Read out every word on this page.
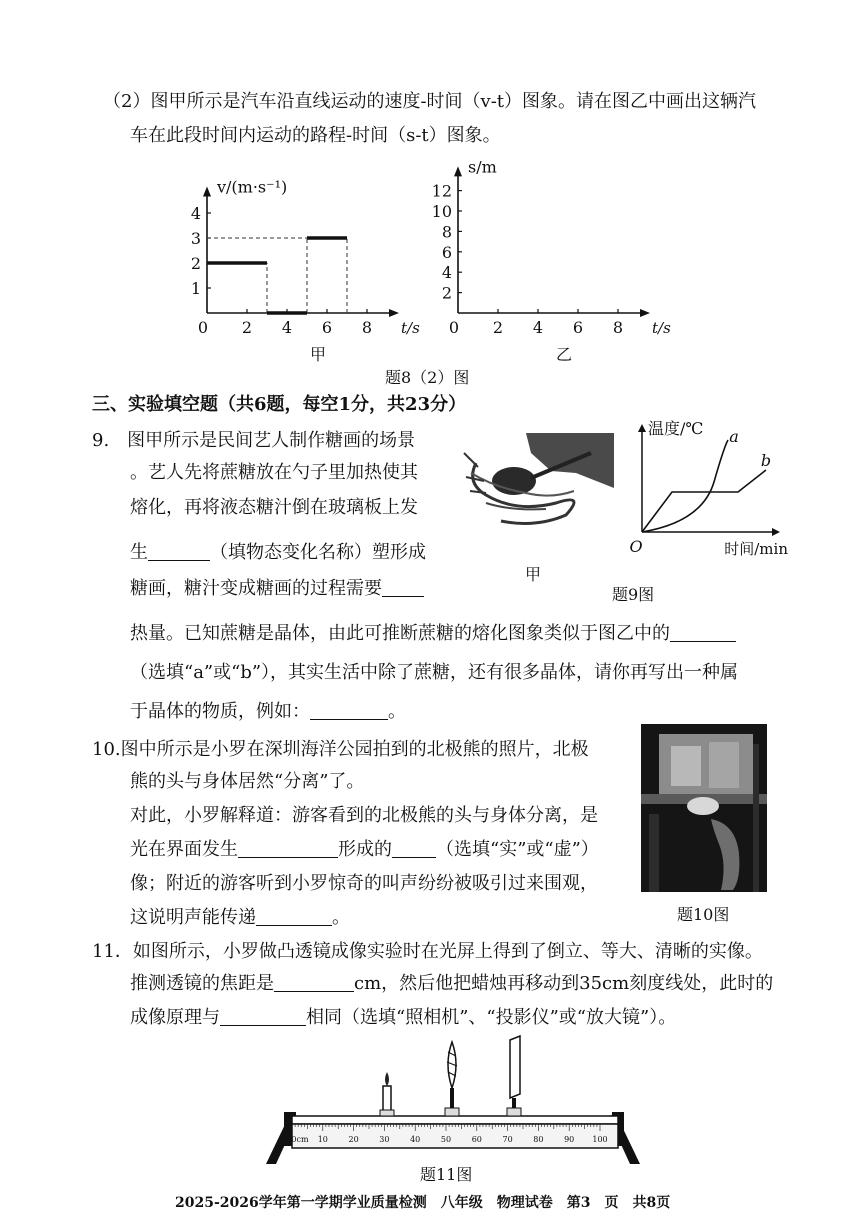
（2）图甲所示是汽车沿直线运动的速度-时间（v-t）图象。请在图乙中画出这辆汽
车在此段时间内运动的路程-时间（s-t）图象。
0 2 4 6 8
1
2
3
4
t/s
v/(m·s⁻¹)
甲
0 2 4 6 8
2
4
6
8
10
12
t/s
s/m
乙
题8（2）图
三、实验填空题（共6题，每空1分，共23分）
9.　图甲所示是民间艺人制作糖画的场景
。艺人先将蔗糖放在勺子里加热使其
熔化，再将液态糖汁倒在玻璃板上发
生	（填物态变化名称）塑形成
糖画，糖汁变成糖画的过程需要
热量。已知蔗糖是晶体，由此可推断蔗糖的熔化图象类似于图乙中的
（选填“a”或“b”），其实生活中除了蔗糖，还有很多晶体，请你再写出一种属
于晶体的物质，例如：	。
甲
温度/℃
时间/min
O
a
b
题9图
10.图中所示是小罗在深圳海洋公园拍到的北极熊的照片，北极
熊的头与身体居然“分离”了。
对此，小罗解释道：游客看到的北极熊的头与身体分离，是
光在界面发生	形成的 （选填“实”或“虚”）
像；附近的游客听到小罗惊奇的叫声纷纷被吸引过来围观，
这说明声能传递	。	题10图
11．如图所示，小罗做凸透镜成像实验时在光屏上得到了倒立、等大、清晰的实像。
推测透镜的焦距是	cm，然后他把蜡烛再移动到35cm刻度线处，此时的
成像原理与	相同（选填“照相机”、“投影仪”或“放大镜”）。
0cm 10	20	30	40	50	60	70	80	90 100
题11图
2025-2026学年第一学期学业质量检测　八年级　物理试卷　第3　页　共8页
